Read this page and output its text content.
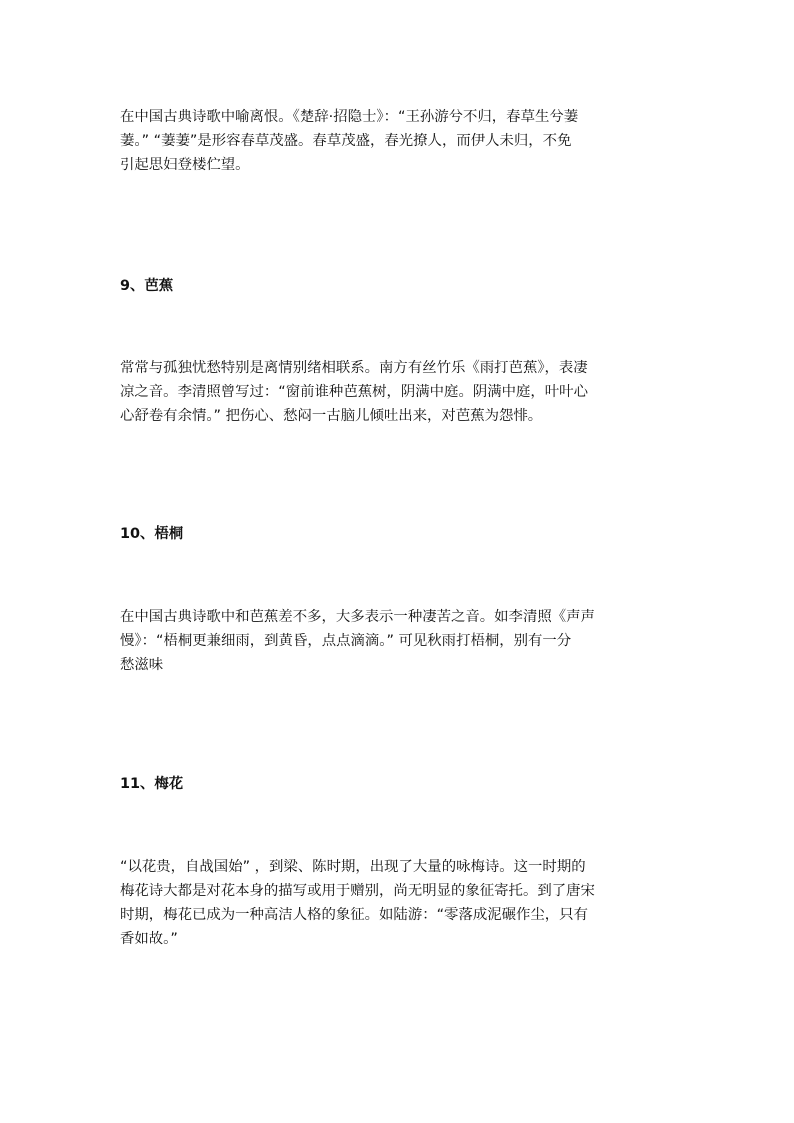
在中国古典诗歌中喻离恨。《楚辞·招隐士》：“王孙游兮不归，春草生兮萋
萋。” “萋萋”是形容春草茂盛。春草茂盛，春光撩人，而伊人未归，不免
引起思妇登楼伫望。

9、芭蕉

常常与孤独忧愁特别是离情别绪相联系。南方有丝竹乐《雨打芭蕉》，表凄
凉之音。李清照曾写过：“窗前谁种芭蕉树，阴满中庭。阴满中庭，叶叶心
心舒卷有余情。” 把伤心、愁闷一古脑儿倾吐出来，对芭蕉为怨悱。

10、梧桐

在中国古典诗歌中和芭蕉差不多，大多表示一种凄苦之音。如李清照《声声
慢》：“梧桐更兼细雨，到黄昏，点点滴滴。” 可见秋雨打梧桐，别有一分
愁滋味

11、梅花

“以花贵，自战国始” ，到梁、陈时期，出现了大量的咏梅诗。这一时期的
梅花诗大都是对花本身的描写或用于赠别，尚无明显的象征寄托。到了唐宋
时期，梅花已成为一种高洁人格的象征。如陆游：“零落成泥碾作尘，只有
香如故。”
